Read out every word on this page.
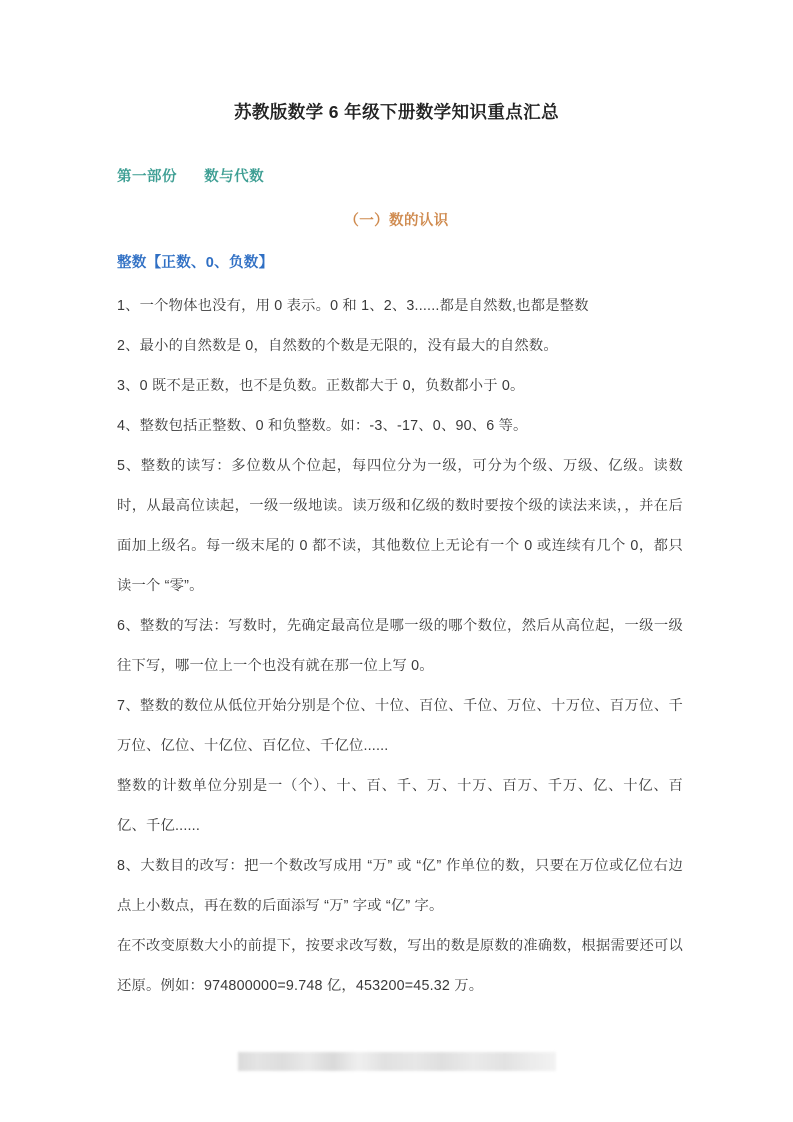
苏教版数学 6 年级下册数学知识重点汇总
第一部份      数与代数
（一）数的认识
整数【正数、0、负数】

1、一个物体也没有，用 0 表示。0 和 1、2、3......都是自然数,也都是整数

2、最小的自然数是 0，自然数的个数是无限的，没有最大的自然数。

3、0 既不是正数，也不是负数。正数都大于 0，负数都小于 0。

4、整数包括正整数、0 和负整数。如：-3、-17、0、90、6 等。

5、整数的读写：多位数从个位起，每四位分为一级，可分为个级、万级、亿级。读数时，从最高位读起，一级一级地读。读万级和亿级的数时要按个级的读法来读，，并在后面加上级名。每一级末尾的 0 都不读，其他数位上无论有一个 0 或连续有几个 0，都只读一个 “零”。

6、整数的写法：写数时，先确定最高位是哪一级的哪个数位，然后从高位起，一级一级往下写，哪一位上一个也没有就在那一位上写 0。

7、整数的数位从低位开始分别是个位、十位、百位、千位、万位、十万位、百万位、千万位、亿位、十亿位、百亿位、千亿位......

整数的计数单位分别是一（个）、十、百、千、万、十万、百万、千万、亿、十亿、百亿、千亿......

8、大数目的改写：把一个数改写成用 “万” 或 “亿” 作单位的数，只要在万位或亿位右边点上小数点，再在数的后面添写 “万” 字或 “亿” 字。

在不改变原数大小的前提下，按要求改写数，写出的数是原数的准确数，根据需要还可以还原。例如：974800000=9.748 亿，453200=45.32 万。
